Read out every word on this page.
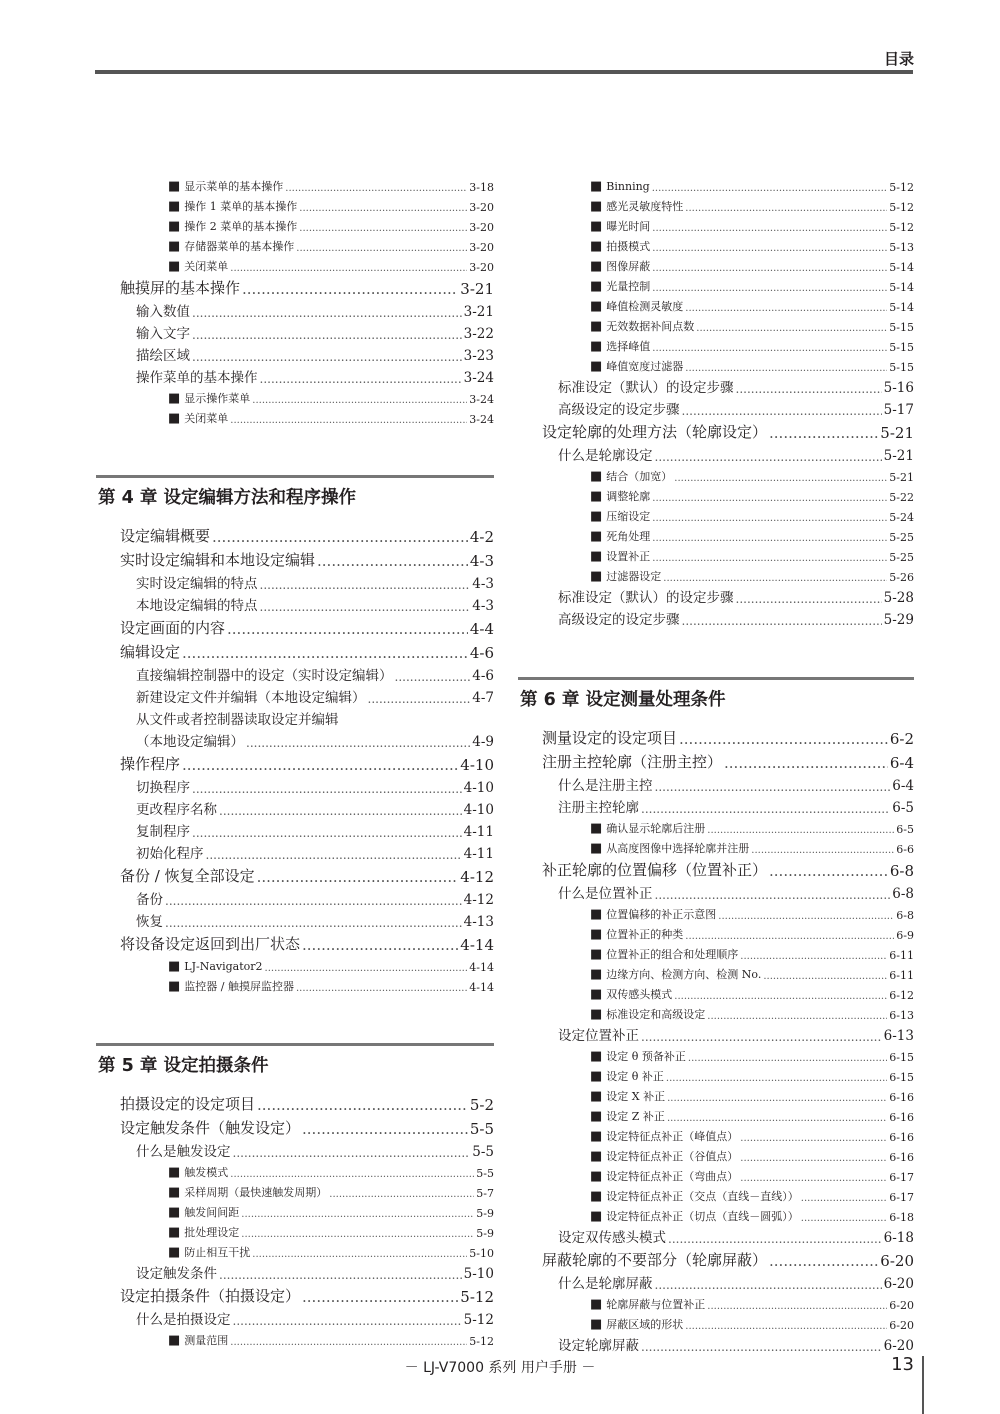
目录
■ 显示菜单的基本操作 .....	3-18
■ 操作 1 菜单的基本操作 .....	3-20
■ 操作 2 菜单的基本操作 .....	3-20
■ 存储器菜单的基本操作 .....	3-20
■ 关闭菜单 .....	3-20
触摸屏的基本操作 .....	3-21
输入数值 .....	3-21
输入文字 .....	3-22
描绘区域 .....	3-23
操作菜单的基本操作 .....	3-24
■ 显示操作菜单 .....	3-24
■ 关闭菜单 .....	3-24
第 4 章 设定编辑方法和程序操作
设定编辑概要 .....	4-2
实时设定编辑和本地设定编辑 .....	4-3
实时设定编辑的特点 .....	4-3
本地设定编辑的特点 .....	4-3
设定画面的内容 .....	4-4
编辑设定 .....	4-6
直接编辑控制器中的设定（实时设定编辑） .....	4-6
新建设定文件并编辑（本地设定编辑） .....	4-7
从文件或者控制器读取设定并编辑
（本地设定编辑） .....	4-9
操作程序 .....	4-10
切换程序 .....	4-10
更改程序名称 .....	4-10
复制程序 .....	4-11
初始化程序 .....	4-11
备份 / 恢复全部设定 .....	4-12
备份 .....	4-12
恢复 .....	4-13
将设备设定返回到出厂状态 .....	4-14
■ LJ-Navigator2 .....	4-14
■ 监控器 / 触摸屏监控器 .....	4-14
第 5 章 设定拍摄条件
拍摄设定的设定项目 .....	5-2
设定触发条件（触发设定） .....	5-5
什么是触发设定 .....	5-5
■ 触发模式 .....	5-5
■ 采样周期（最快速触发周期） .....	5-7
■ 触发间间距 .....	5-9
■ 批处理设定 .....	5-9
■ 防止相互干扰 .....	5-10
设定触发条件 .....	5-10
设定拍摄条件（拍摄设定） .....	5-12
什么是拍摄设定 .....	5-12
■ 测量范围 .....	5-12
■ Binning .....	5-12
■ 感光灵敏度特性 .....	5-12
■ 曝光时间 .....	5-12
■ 拍摄模式 .....	5-13
■ 图像屏蔽 .....	5-14
■ 光量控制 .....	5-14
■ 峰值检测灵敏度 .....	5-14
■ 无效数据补间点数 .....	5-15
■ 选择峰值 .....	5-15
■ 峰值宽度过滤器 .....	5-15
标准设定（默认）的设定步骤 .....	5-16
高级设定的设定步骤 .....	5-17
设定轮廓的处理方法（轮廓设定） .....	5-21
什么是轮廓设定 .....	5-21
■ 结合（加宽） .....	5-21
■ 调整轮廓 .....	5-22
■ 压缩设定 .....	5-24
■ 死角处理 .....	5-25
■ 设置补正 .....	5-25
■ 过滤器设定 .....	5-26
标准设定（默认）的设定步骤 .....	5-28
高级设定的设定步骤 .....	5-29
第 6 章 设定测量处理条件
测量设定的设定项目 .....	6-2
注册主控轮廓（注册主控） .....	6-4
什么是注册主控 .....	6-4
注册主控轮廓 .....	6-5
■ 确认显示轮廓后注册 .....	6-5
■ 从高度图像中选择轮廓并注册 .....	6-6
补正轮廓的位置偏移（位置补正） .....	6-8
什么是位置补正 .....	6-8
■ 位置偏移的补正示意图 .....	6-8
■ 位置补正的种类 .....	6-9
■ 位置补正的组合和处理顺序 .....	6-11
■ 边缘方向、检测方向、检测 No. .....	6-11
■ 双传感头模式 .....	6-12
■ 标准设定和高级设定 .....	6-13
设定位置补正 .....	6-13
■ 设定 θ 预备补正 .....	6-15
■ 设定 θ 补正 .....	6-15
■ 设定 X 补正 .....	6-16
■ 设定 Z 补正 .....	6-16
■ 设定特征点补正（峰值点） .....	6-16
■ 设定特征点补正（谷值点） .....	6-16
■ 设定特征点补正（弯曲点） .....	6-17
■ 设定特征点补正（交点（直线－直线）） .....	6-17
■ 设定特征点补正（切点（直线－圆弧）） .....	6-18
设定双传感头模式 .....	6-18
屏蔽轮廓的不要部分（轮廓屏蔽） .....	6-20
什么是轮廓屏蔽 .....	6-20
■ 轮廓屏蔽与位置补正 .....	6-20
■ 屏蔽区域的形状 .....	6-20
设定轮廓屏蔽 .....	6-20
－ LJ-V7000 系列 用户手册 －	13
